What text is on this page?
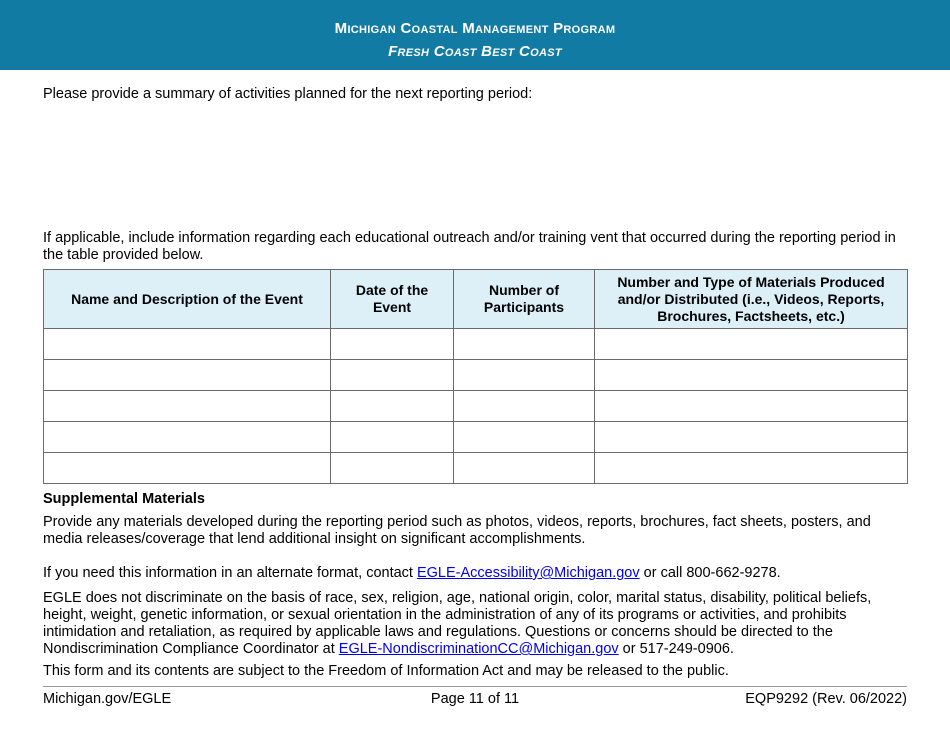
Michigan Coastal Management Program
Fresh Coast Best Coast
Please provide a summary of activities planned for the next reporting period:
If applicable, include information regarding each educational outreach and/or training vent that occurred during the reporting period in the table provided below.
Name and Description of the Event	Date of the Event	Number of Participants	Number and Type of Materials Produced and/or Distributed (i.e., Videos, Reports, Brochures, Factsheets, etc.)

Supplemental Materials
Provide any materials developed during the reporting period such as photos, videos, reports, brochures, fact sheets, posters, and media releases/coverage that lend additional insight on significant accomplishments.
If you need this information in an alternate format, contact EGLE-Accessibility@Michigan.gov or call 800-662-9278.
EGLE does not discriminate on the basis of race, sex, religion, age, national origin, color, marital status, disability, political beliefs, height, weight, genetic information, or sexual orientation in the administration of any of its programs or activities, and prohibits intimidation and retaliation, as required by applicable laws and regulations. Questions or concerns should be directed to the Nondiscrimination Compliance Coordinator at EGLE-NondiscriminationCC@Michigan.gov or 517-249-0906.
This form and its contents are subject to the Freedom of Information Act and may be released to the public.
Michigan.gov/EGLE	Page 11 of 11	EQP9292 (Rev. 06/2022)
